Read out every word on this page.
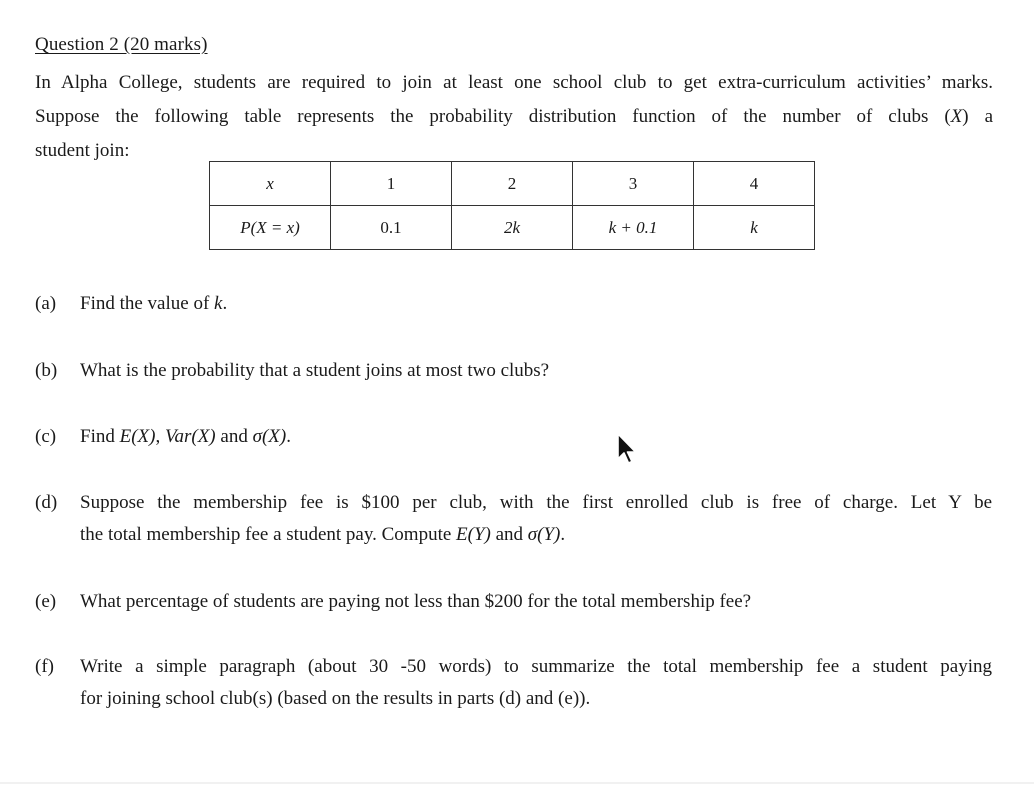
Question 2 (20 marks)
In Alpha College, students are required to join at least one school club to get extra-curriculum activities’ marks.
Suppose the following table represents the probability distribution function of the number of clubs (X) a
student join:
x	1	2	3	4
P(X = x)	0.1	2k	k + 0.1	k
(a)	Find the value of k.
(b)	What is the probability that a student joins at most two clubs?
(c)	Find E(X), Var(X) and σ(X).
(d)	Suppose the membership fee is $100 per club, with the first enrolled club is free of charge. Let Y be
the total membership fee a student pay. Compute E(Y) and σ(Y).
(e)	What percentage of students are paying not less than $200 for the total membership fee?
(f)	Write a simple paragraph (about 30 -50 words) to summarize the total membership fee a student paying
for joining school club(s) (based on the results in parts (d) and (e)).
